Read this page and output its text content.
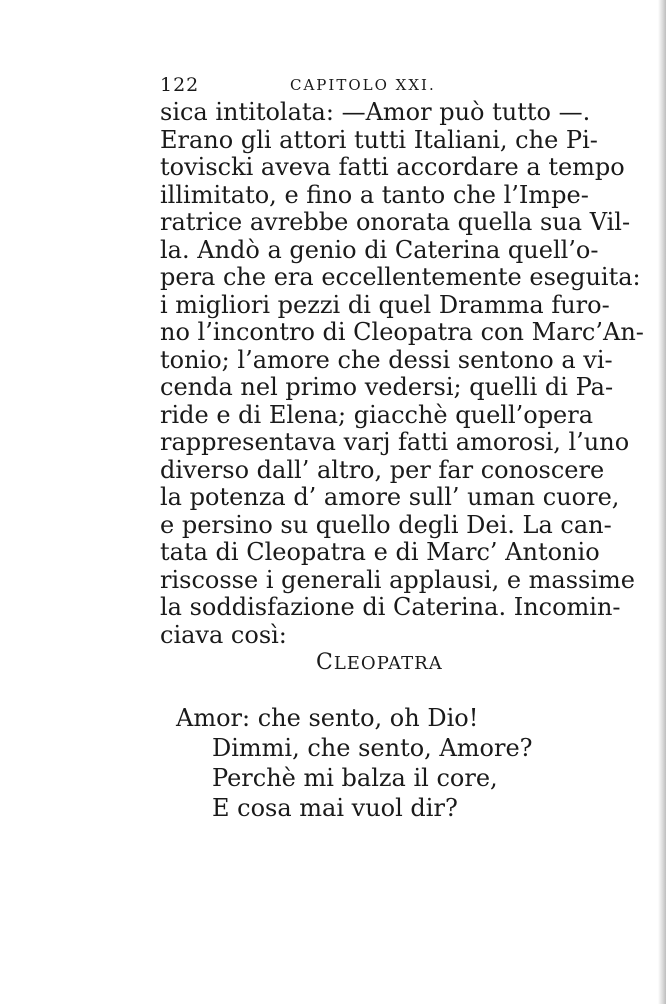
122	CAPITOLO XXI.
sica intitolata: —Amor può tutto —.
Erano gli attori tutti Italiani, che Pi-
toviscki aveva fatti accordare a tempo
illimitato, e fino a tanto che l’Impe-
ratrice avrebbe onorata quella sua Vil-
la. Andò a genio di Caterina quell’o-
pera che era eccellentemente eseguita:
i migliori pezzi di quel Dramma furo-
no l’incontro di Cleopatra con Marc’An-
tonio; l’amore che dessi sentono a vi-
cenda nel primo vedersi; quelli di Pa-
ride e di Elena; giacchè quell’opera
rappresentava varj fatti amorosi, l’uno
diverso dall’ altro, per far conoscere
la potenza d’ amore sull’ uman cuore,
e persino su quello degli Dei. La can-
tata di Cleopatra e di Marc’ Antonio
riscosse i generali applausi, e massime
la soddisfazione di Caterina. Incomin-
ciava così:
CLEOPATRA
Amor: che sento, oh Dio!
Dimmi, che sento, Amore?
Perchè mi balza il core,
E cosa mai vuol dir?
